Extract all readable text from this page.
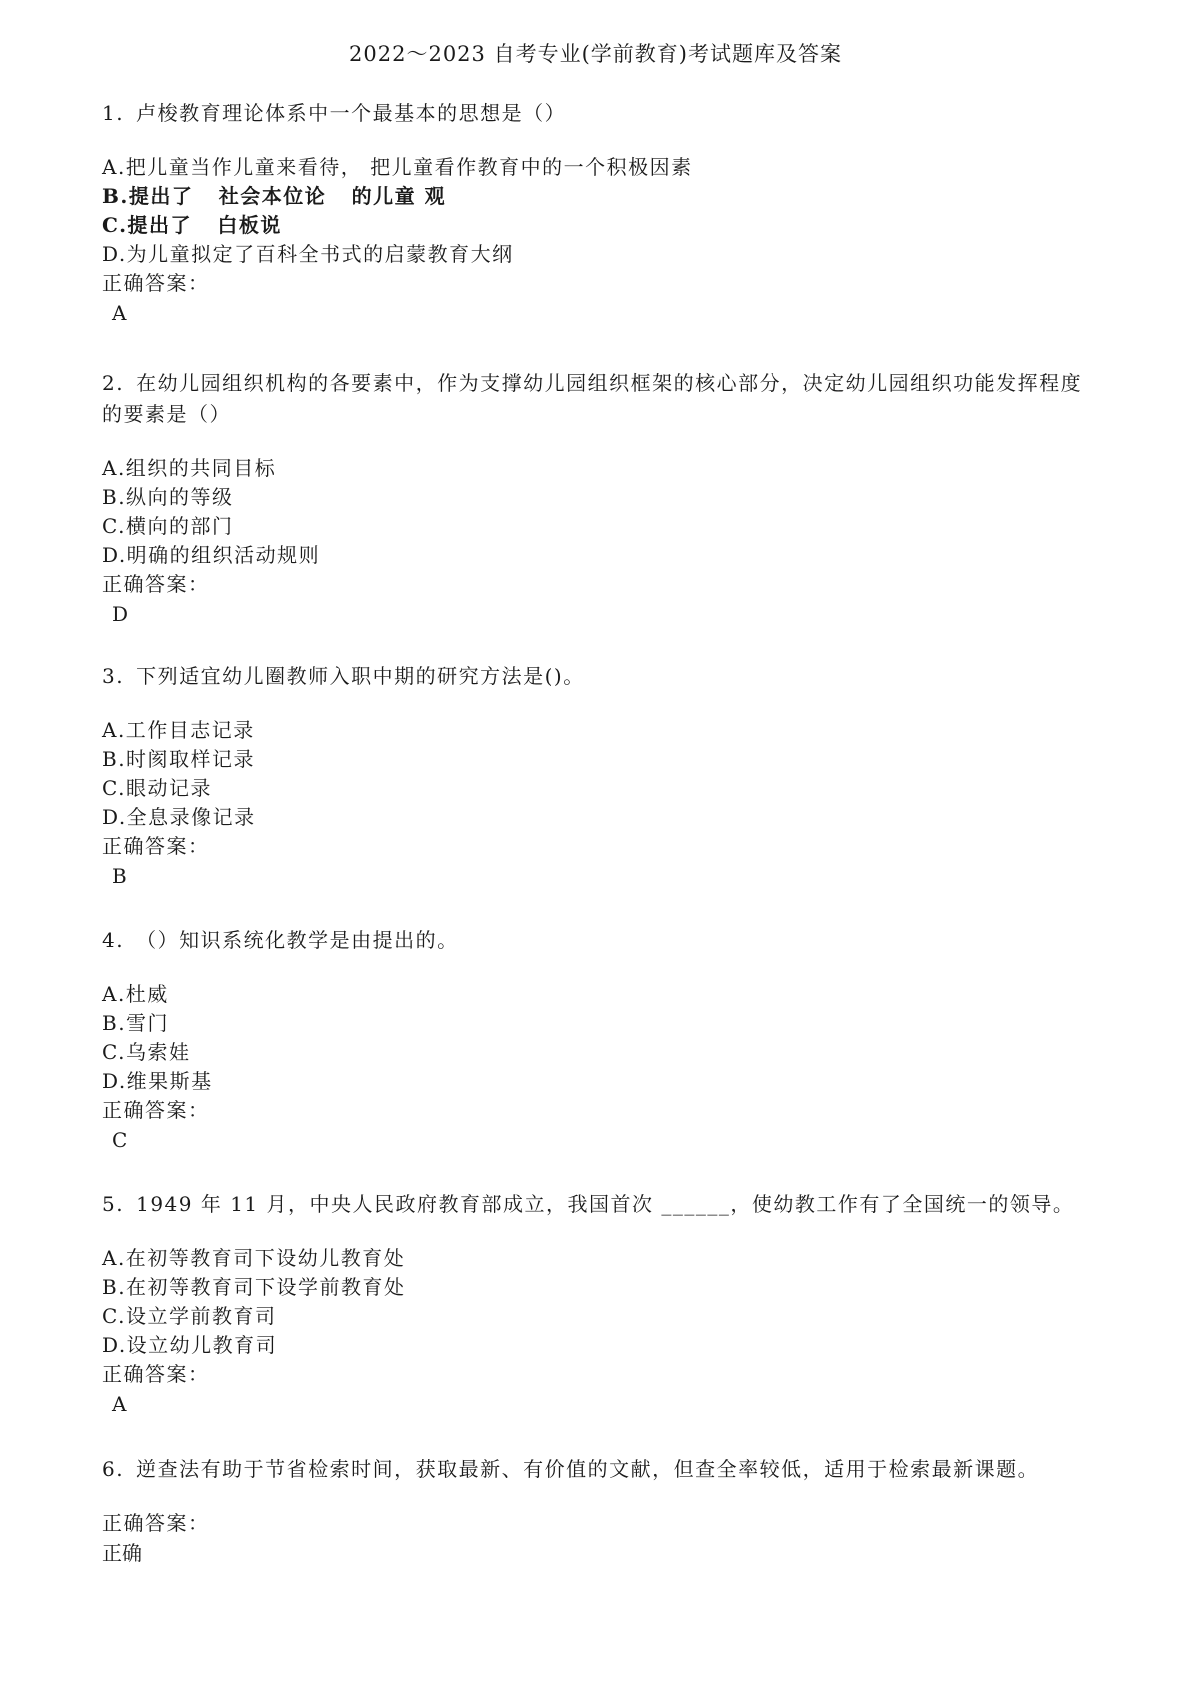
2022～2023 自考专业(学前教育)考试题库及答案

1. 卢梭教育理论体系中一个最基本的思想是（）

A.把儿童当作儿童来看待， 把儿童看作教育中的一个积极因素
B.提出了   社会本位论   的儿童 观
C.提出了   白板说
D.为儿童拟定了百科全书式的启蒙教育大纲
正确答案：
A

2. 在幼儿园组织机构的各要素中，作为支撑幼儿园组织框架的核心部分，决定幼儿园组织功能发挥程度的要素是（）

A.组织的共同目标
B.纵向的等级
C.横向的部门
D.明确的组织活动规则
正确答案：
D

3. 下列适宜幼儿圈教师入职中期的研究方法是()。

A.工作目志记录
B.时阂取样记录
C.眼动记录
D.全息录像记录
正确答案：
B

4. （）知识系统化教学是由提出的。

A.杜威
B.雪门
C.乌索娃
D.维果斯基
正确答案：
C

5. 1949 年 11 月，中央人民政府教育部成立，我国首次 ______，使幼教工作有了全国统一的领导。

A.在初等教育司下设幼儿教育处
B.在初等教育司下设学前教育处
C.设立学前教育司
D.设立幼儿教育司
正确答案：
A

6. 逆查法有助于节省检索时间，获取最新、有价值的文献，但查全率较低，适用于检索最新课题。

正确答案：
正确
